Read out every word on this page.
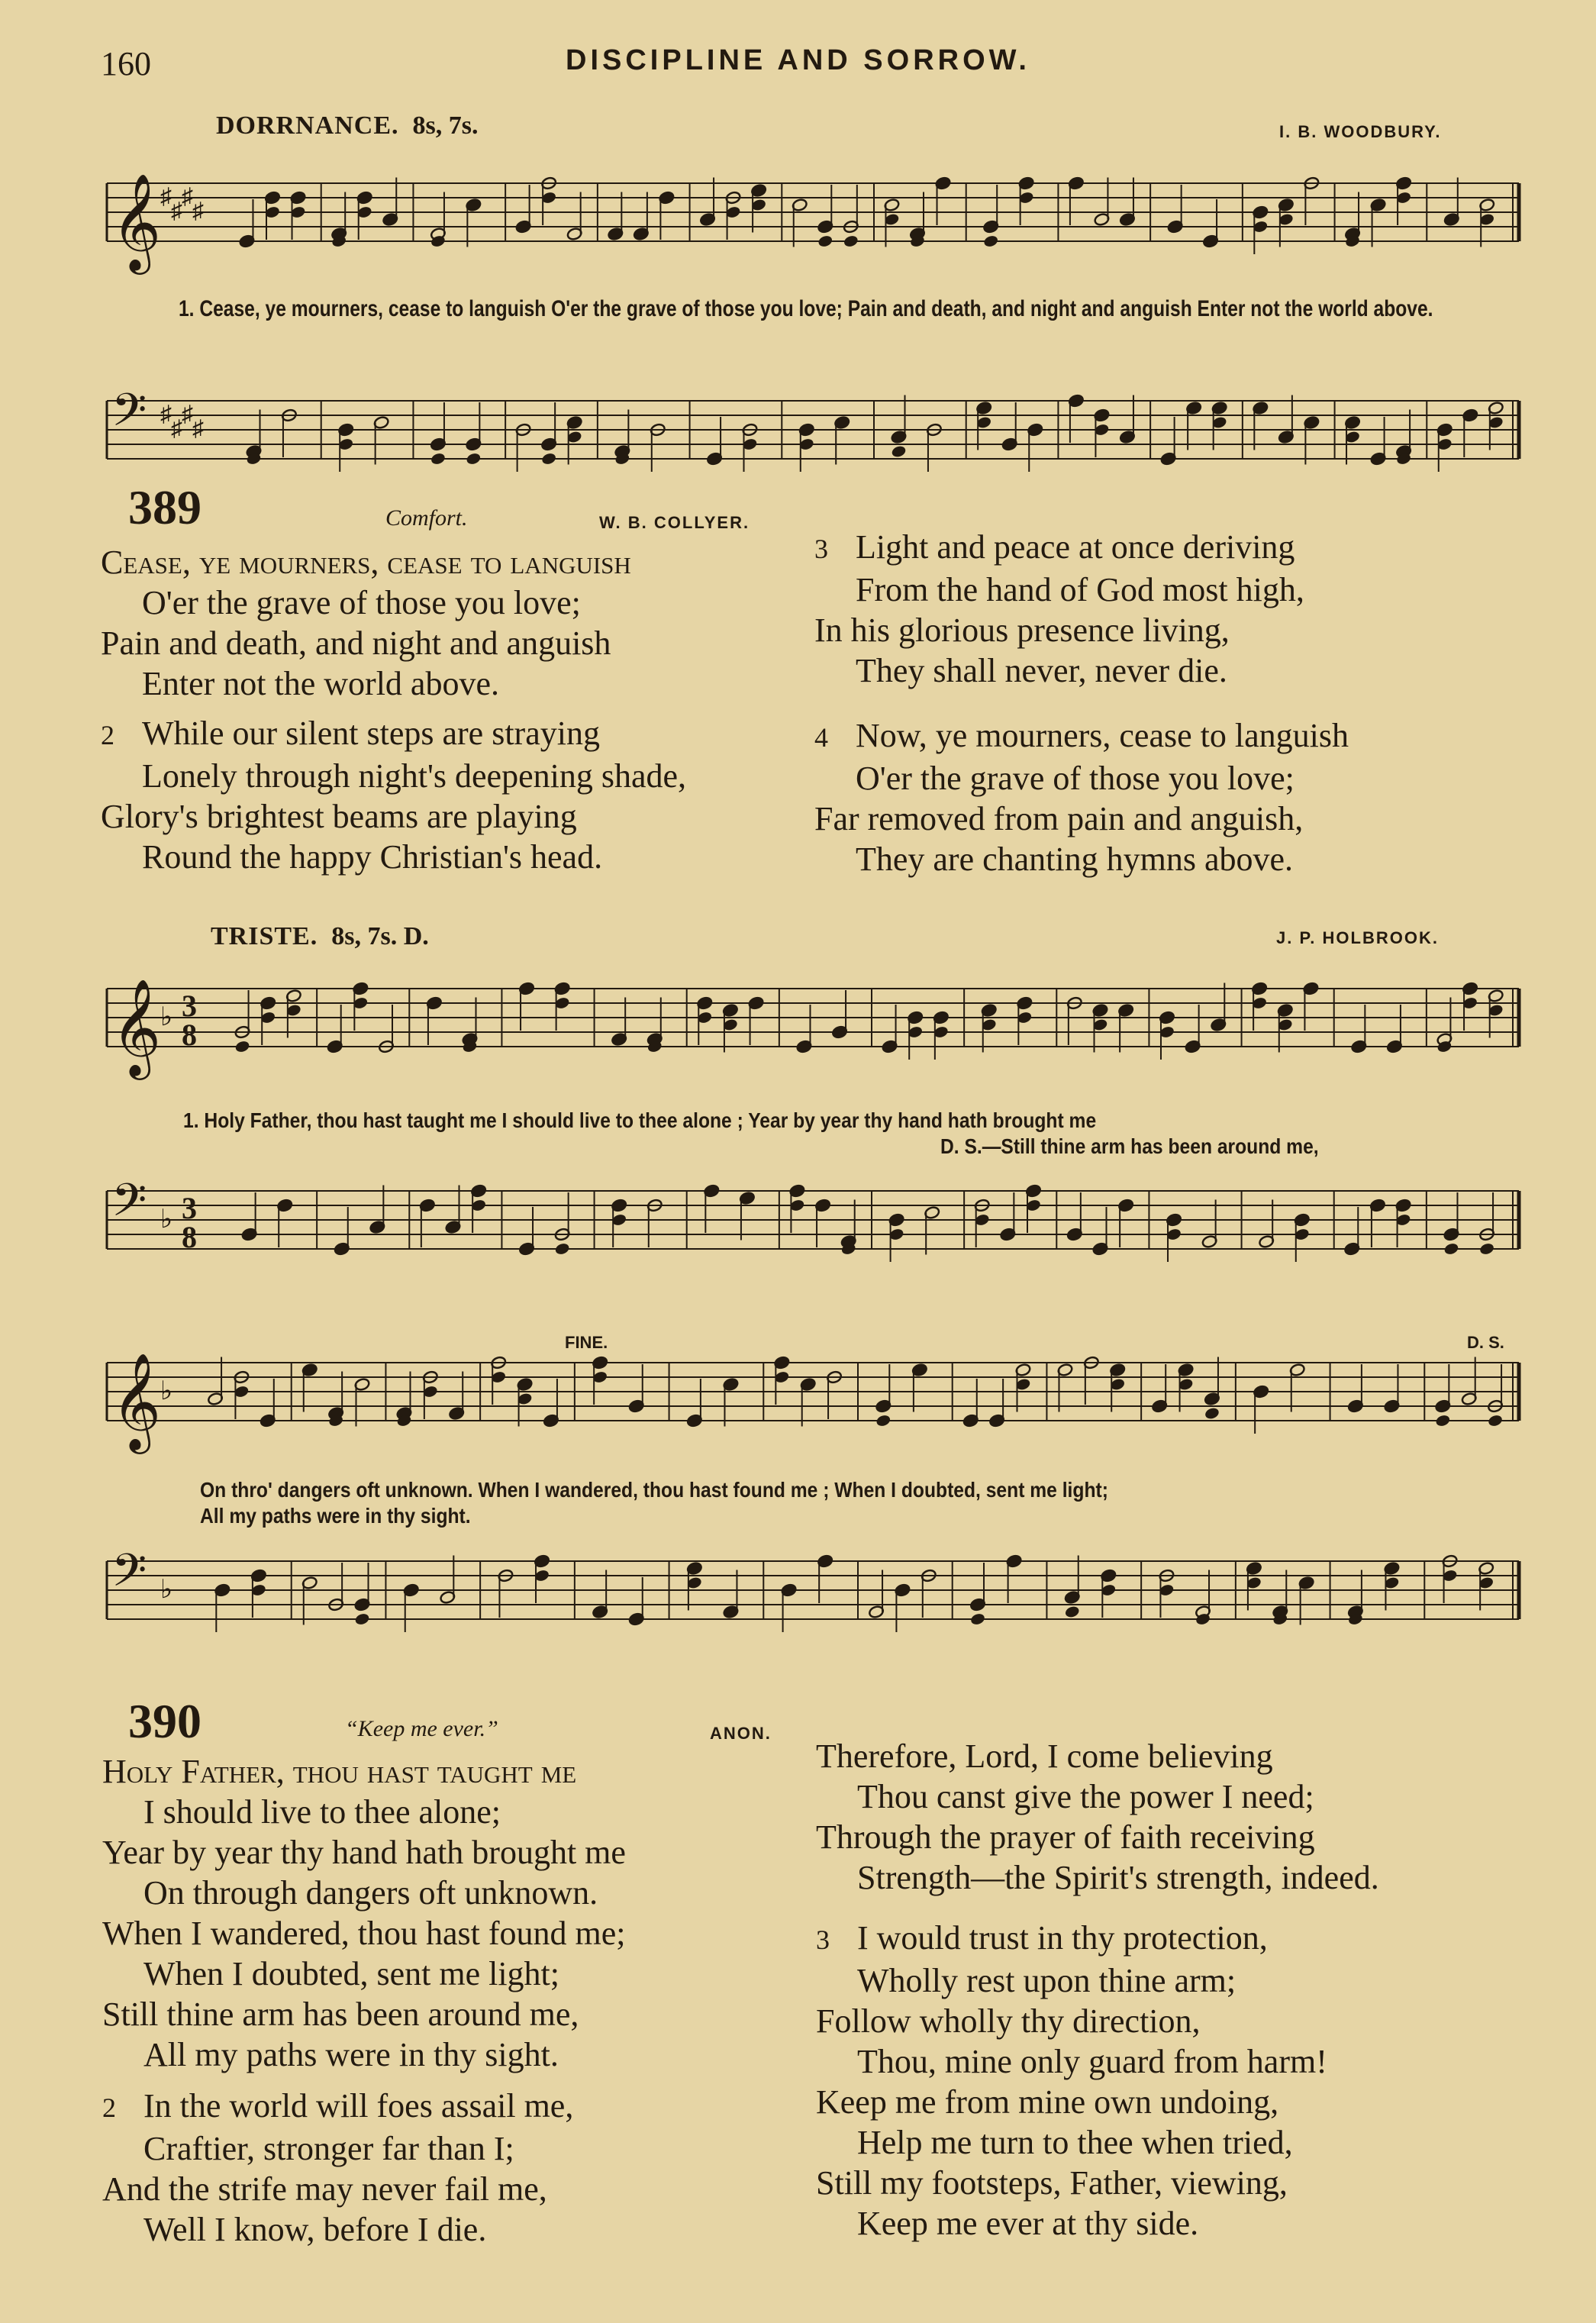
160	DISCIPLINE AND SORROW.
DORRNANCE. 8s, 7s.	I. B. WOODBURY.
𝄞
♯
♯
♯
♯
1. Cease, ye mourners, cease to languish O'er the grave of those you love; Pain and death, and night and anguish Enter not the world above.
𝄢 ♯
♯
♯
♯
389	Comfort.	W. B. COLLYER.
Cease, ye mourners, cease to languish
O'er the grave of those you love;
Pain and death, and night and anguish
Enter not the world above.
2 While our silent steps are straying
Lonely through night's deepening shade,
Glory's brightest beams are playing
Round the happy Christian's head.
3 Light and peace at once deriving
From the hand of God most high,
In his glorious presence living,
They shall never, never die.
4 Now, ye mourners, cease to languish
O'er the grave of those you love;
Far removed from pain and anguish,
They are chanting hymns above.
TRISTE. 8s, 7s. D.	J. P. HOLBROOK.
𝄞
♭ 3
8
1. Holy Father, thou hast taught me I should live to thee alone ; Year by year thy hand hath brought me
D. S.—Still thine arm has been around me,
𝄢 ♭ 3
8
FINE.	D. S.
𝄞
♭
On thro' dangers oft unknown. When I wandered, thou hast found me ; When I doubted, sent me light;
All my paths were in thy sight.
𝄢 ♭
390	“Keep me ever.”	ANON.
Holy Father, thou hast taught me
I should live to thee alone;
Year by year thy hand hath brought me
On through dangers oft unknown.
When I wandered, thou hast found me;
When I doubted, sent me light;
Still thine arm has been around me,
All my paths were in thy sight.
2 In the world will foes assail me,
Craftier, stronger far than I;
And the strife may never fail me,
Well I know, before I die.
Therefore, Lord, I come believing
Thou canst give the power I need;
Through the prayer of faith receiving
Strength—the Spirit's strength, indeed.
3 I would trust in thy protection,
Wholly rest upon thine arm;
Follow wholly thy direction,
Thou, mine only guard from harm!
Keep me from mine own undoing,
Help me turn to thee when tried,
Still my footsteps, Father, viewing,
Keep me ever at thy side.
